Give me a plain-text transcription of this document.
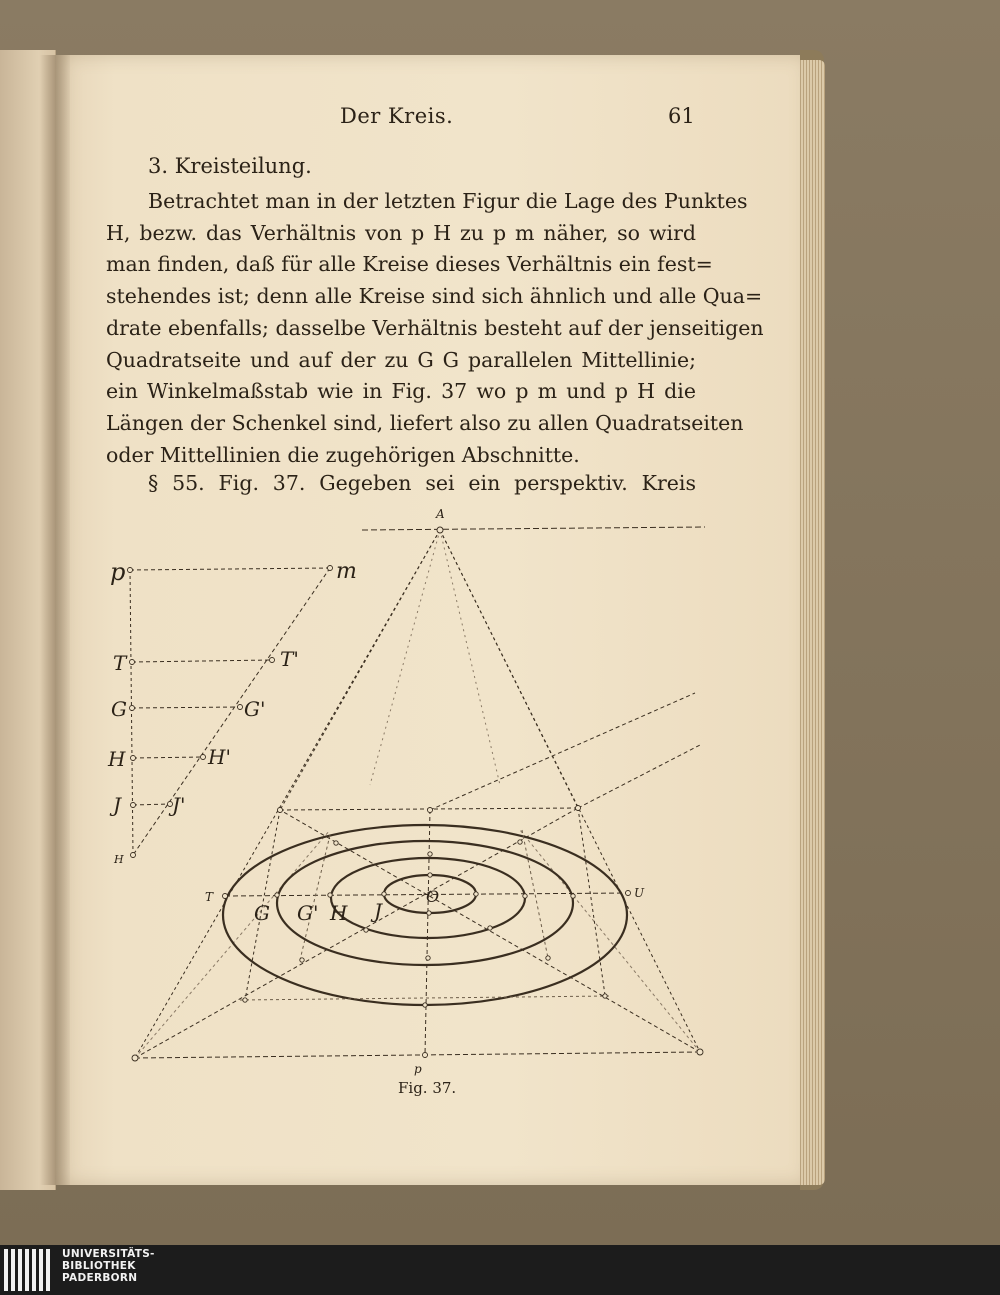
Der Kreis.	61
3. Kreisteilung.

Betrachtet man in der letzten Figur die Lage des Punktes
H, bezw. das Verhältnis von p H zu p m näher, so wird
man finden, daß für alle Kreise dieses Verhältnis ein fest=
stehendes ist; denn alle Kreise sind sich ähnlich und alle Qua=
drate ebenfalls; dasselbe Verhältnis besteht auf der jenseitigen
Quadratseite und auf der zu G G parallelen Mittellinie;
ein Winkelmaßstab wie in Fig. 37 wo p m und p H die
Längen der Schenkel sind, liefert also zu allen Quadratseiten
oder Mittellinien die zugehörigen Abschnitte.

§ 55. Fig. 37. Gegeben sei ein perspektiv. Kreis
A
p	m
T	T'
G	G'
H	H'
J	J'
H
T	U
G G' H J
O
p
Fig. 37.
UNIVERSITÄTS-
BIBLIOTHEK
PADERBORN
